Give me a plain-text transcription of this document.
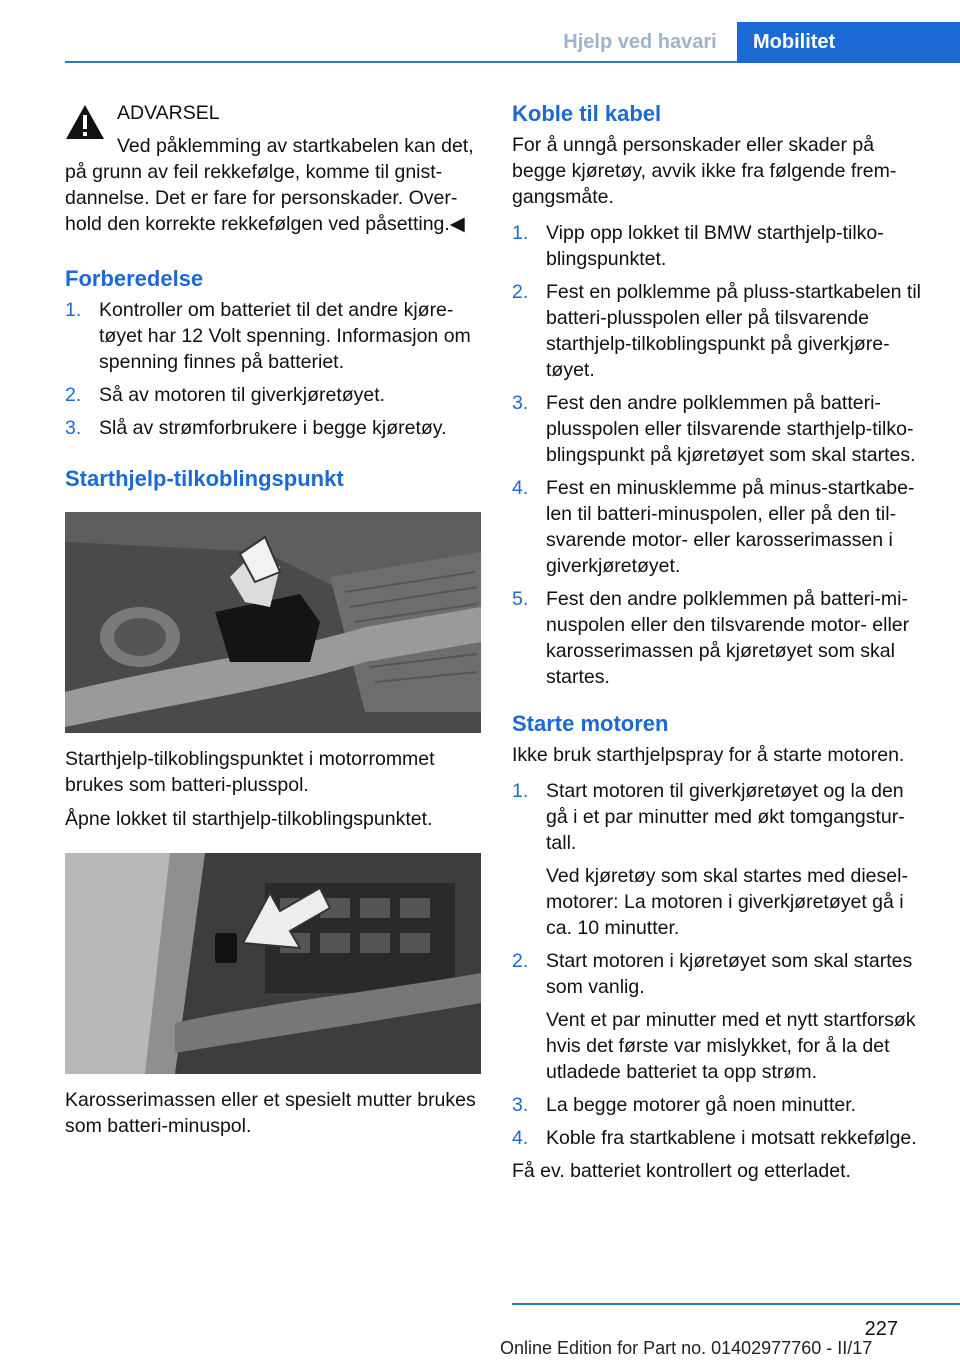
Hjelp ved havari	Mobilitet
ADVARSEL

Ved påklemming av startkabelen kan det, på grunn av feil rekkefølge, komme til gnistdannelse. Det er fare for personskader. Overhold den korrekte rekkefølgen ved påsetting.◀

Forberedelse
1. Kontroller om batteriet til det andre kjøretøyet har 12 Volt spenning. Informasjon om spenning finnes på batteriet.

2. Så av motoren til giverkjøretøyet.

3. Slå av strømforbrukere i begge kjøretøy.

Starthjelp-tilkoblingspunkt

Starthjelp-tilkoblingspunktet i motorrommet brukes som batteri-plusspol.

Åpne lokket til starthjelp-tilkoblingspunktet.

Karosserimassen eller et spesielt mutter brukes som batteri-minuspol.

Koble til kabel

For å unngå personskader eller skader på begge kjøretøy, avvik ikke fra følgende fremgangsmåte.

1. Vipp opp lokket til BMW starthjelp-tilkoblingspunktet.

2. Fest en polklemme på pluss-startkabelen til batteri-plusspolen eller på tilsvarende starthjelp-tilkoblingspunkt på giverkjøretøyet.

3. Fest den andre polklemmen på batteri-plusspolen eller tilsvarende starthjelp-tilkoblingspunkt på kjøretøyet som skal startes.

4. Fest en minusklemme på minus-startkabelen til batteri-minuspolen, eller på den tilsvarende motor- eller karosserimassen i giverkjøretøyet.

5. Fest den andre polklemmen på batteri-minuspolen eller den tilsvarende motor- eller karosserimassen på kjøretøyet som skal startes.

Starte motoren

Ikke bruk starthjelpspray for å starte motoren.

1. Start motoren til giverkjøretøyet og la den gå i et par minutter med økt tomgangsturtall.

Ved kjøretøy som skal startes med dieselmotorer: La motoren i giverkjøretøyet gå i ca. 10 minutter.

2. Start motoren i kjøretøyet som skal startes som vanlig.

Vent et par minutter med et nytt startforsøk hvis det første var mislykket, for å la det utladede batteriet ta opp strøm.

3. La begge motorer gå noen minutter.

4. Koble fra startkablene i motsatt rekkefølge.

Få ev. batteriet kontrollert og etterladet.

227
Online Edition for Part no. 01402977760 - II/17
